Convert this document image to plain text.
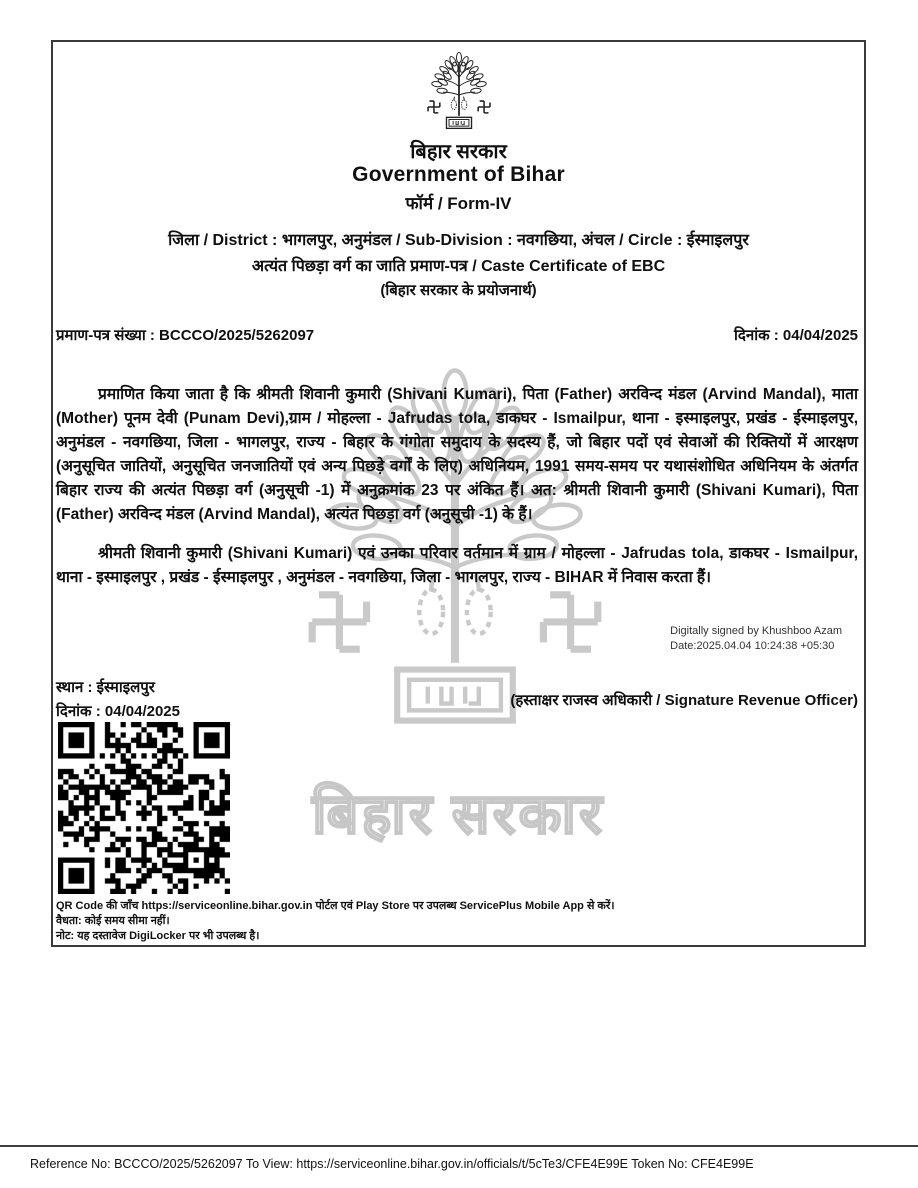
बिहार सरकार
बिहार सरकार
Government of Bihar
फॉर्म / Form-IV
जिला / District : भागलपुर, अनुमंडल / Sub-Division : नवगछिया, अंचल / Circle : ईस्माइलपुर
अत्यंत पिछड़ा वर्ग का जाति प्रमाण-पत्र / Caste Certificate of EBC
(बिहार सरकार के प्रयोजनार्थ)
प्रमाण-पत्र संख्या : BCCCO/2025/5262097	दिनांक : 04/04/2025
प्रमाणित किया जाता है कि श्रीमती शिवानी कुमारी (Shivani Kumari), पिता (Father) अरविन्द मंडल (Arvind Mandal), माता (Mother) पूनम देवी (Punam Devi),ग्राम / मोहल्ला - Jafrudas tola, डाकघर - Ismailpur, थाना - इस्माइलपुर, प्रखंड - ईस्माइलपुर, अनुमंडल - नवगछिया, जिला - भागलपुर, राज्य - बिहार के गंगोता समुदाय के सदस्य हैं, जो बिहार पदों एवं सेवाओं की रिक्तियों में आरक्षण (अनुसूचित जातियों, अनुसूचित जनजातियों एवं अन्य पिछड़े वर्गों के लिए) अधिनियम, 1991 समय-समय पर यथासंशोधित अधिनियम के अंतर्गत बिहार राज्य की अत्यंत पिछड़ा वर्ग (अनुसूची -1) में अनुक्रमांक 23 पर अंकित हैं। अत: श्रीमती शिवानी कुमारी (Shivani Kumari), पिता (Father) अरविन्द मंडल (Arvind Mandal), अत्यंत पिछड़ा वर्ग (अनुसूची -1) के हैं।
श्रीमती शिवानी कुमारी (Shivani Kumari) एवं उनका परिवार वर्तमान में ग्राम / मोहल्ला - Jafrudas tola, डाकघर - Ismailpur, थाना - इस्माइलपुर , प्रखंड - ईस्माइलपुर , अनुमंडल - नवगछिया, जिला - भागलपुर, राज्य - BIHAR में निवास करता हैं।
Digitally signed by Khushboo Azam
Date:2025.04.04 10:24:38 +05:30
स्थान : ईस्माइलपुर
दिनांक : 04/04/2025
(हस्ताक्षर राजस्व अधिकारी / Signature Revenue Officer)
QR Code की जाँच https://serviceonline.bihar.gov.in पोर्टल एवं Play Store पर उपलब्ध ServicePlus Mobile App से करें।
वैधता: कोई समय सीमा नहीं।
नोट: यह दस्तावेज DigiLocker पर भी उपलब्ध है।
Reference No: BCCCO/2025/5262097 To View: https://serviceonline.bihar.gov.in/officials/t/5cTe3/CFE4E99E Token No: CFE4E99E
